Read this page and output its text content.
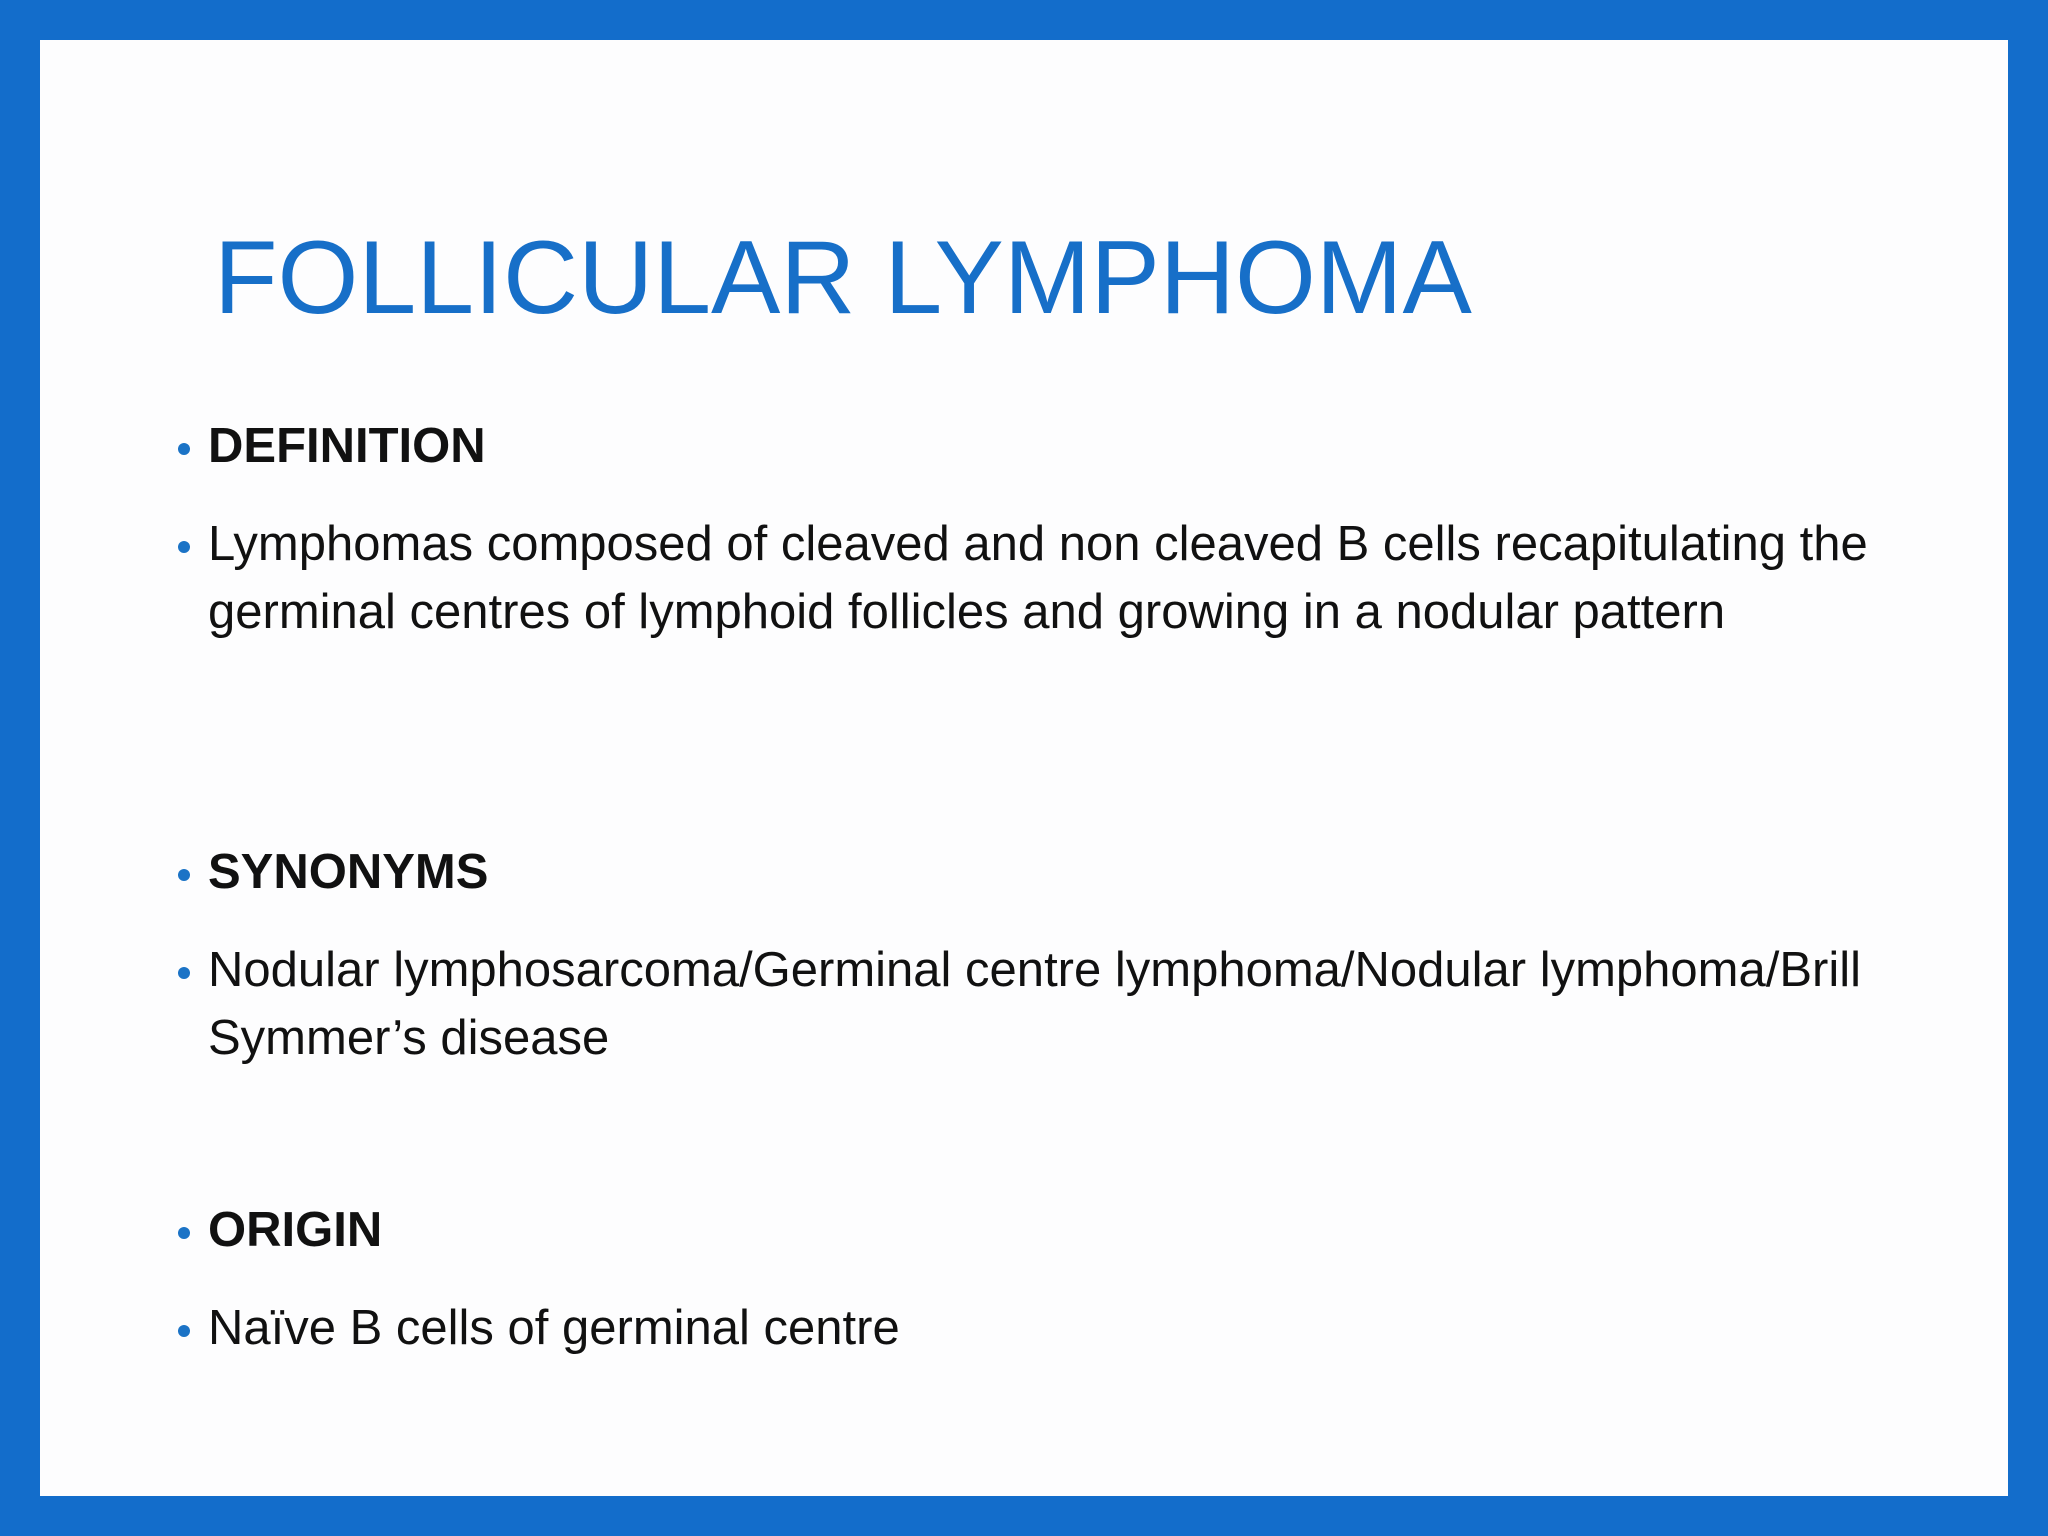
FOLLICULAR LYMPHOMA
DEFINITION
Lymphomas composed of cleaved and non cleaved B cells recapitulating the germinal centres of lymphoid follicles and growing in a nodular pattern
SYNONYMS
Nodular lymphosarcoma/Germinal centre lymphoma/Nodular lymphoma/Brill Symmer’s disease
ORIGIN
Naïve B cells of germinal centre
